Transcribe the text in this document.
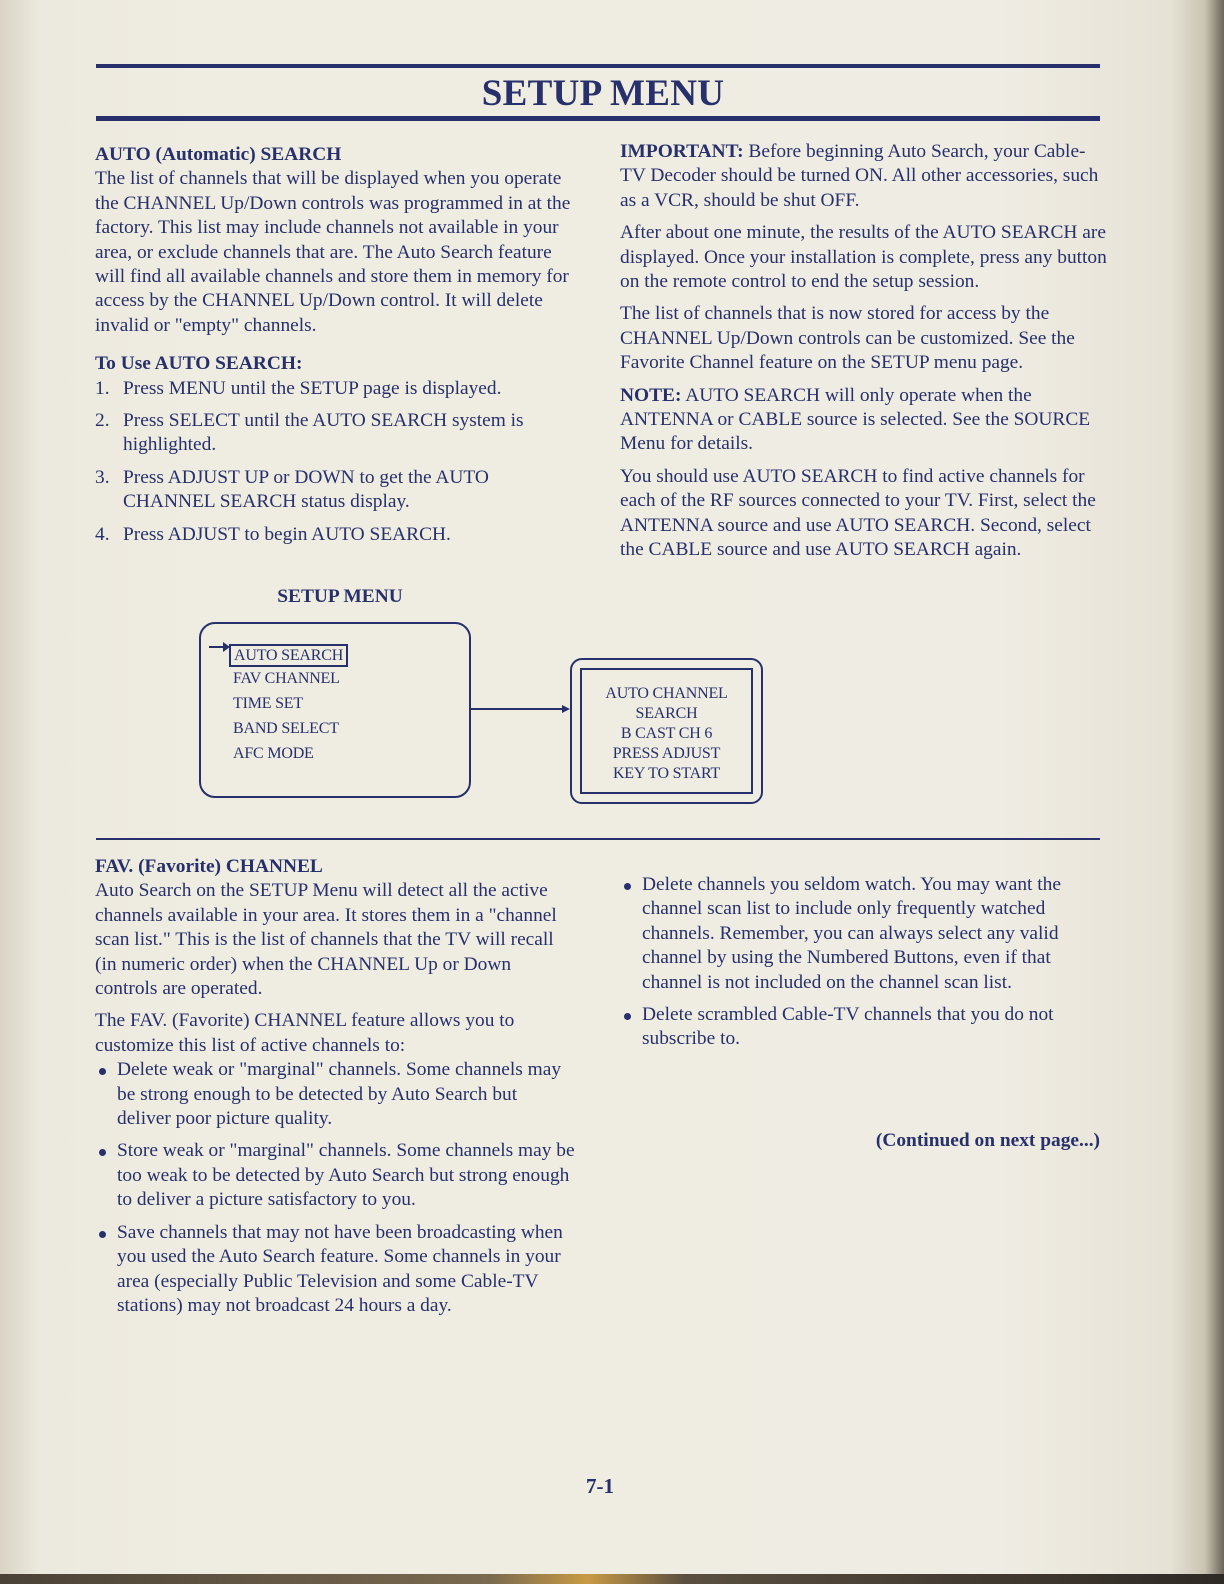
SETUP MENU
AUTO (Automatic) SEARCH

The list of channels that will be displayed when you operate the CHANNEL Up/Down controls was programmed in at the factory. This list may include channels not available in your area, or exclude channels that are. The Auto Search feature will find all available channels and store them in memory for access by the CHANNEL Up/Down control. It will delete invalid or "empty" channels.

To Use AUTO SEARCH:
1. Press MENU until the SETUP page is displayed.
2. Press SELECT until the AUTO SEARCH system is highlighted.
3. Press ADJUST UP or DOWN to get the AUTO CHANNEL SEARCH status display.
4. Press ADJUST to begin AUTO SEARCH.

IMPORTANT: Before beginning Auto Search, your Cable-TV Decoder should be turned ON. All other accessories, such as a VCR, should be shut OFF.

After about one minute, the results of the AUTO SEARCH are displayed. Once your installation is complete, press any button on the remote control to end the setup session.

The list of channels that is now stored for access by the CHANNEL Up/Down controls can be customized. See the Favorite Channel feature on the SETUP menu page.

NOTE: AUTO SEARCH will only operate when the ANTENNA or CABLE source is selected. See the SOURCE Menu for details.

You should use AUTO SEARCH to find active channels for each of the RF sources connected to your TV. First, select the ANTENNA source and use AUTO SEARCH. Second, select the CABLE source and use AUTO SEARCH again.

SETUP MENU
AUTO SEARCH
FAV CHANNEL
TIME SET
BAND SELECT
AFC MODE
AUTO CHANNEL
SEARCH
B CAST CH 6
PRESS ADJUST
KEY TO START
FAV. (Favorite) CHANNEL

Auto Search on the SETUP Menu will detect all the active channels available in your area. It stores them in a "channel scan list." This is the list of channels that the TV will recall (in numeric order) when the CHANNEL Up or Down controls are operated.

The FAV. (Favorite) CHANNEL feature allows you to customize this list of active channels to:

Delete weak or "marginal" channels. Some channels may be strong enough to be detected by Auto Search but deliver poor picture quality.
Store weak or "marginal" channels. Some channels may be too weak to be detected by Auto Search but strong enough to deliver a picture satisfactory to you.
Save channels that may not have been broadcasting when you used the Auto Search feature. Some channels in your area (especially Public Television and some Cable-TV stations) may not broadcast 24 hours a day.
Delete channels you seldom watch. You may want the channel scan list to include only frequently watched channels. Remember, you can always select any valid channel by using the Numbered Buttons, even if that channel is not included on the channel scan list.
Delete scrambled Cable-TV channels that you do not subscribe to.
(Continued on next page...)
7-1
